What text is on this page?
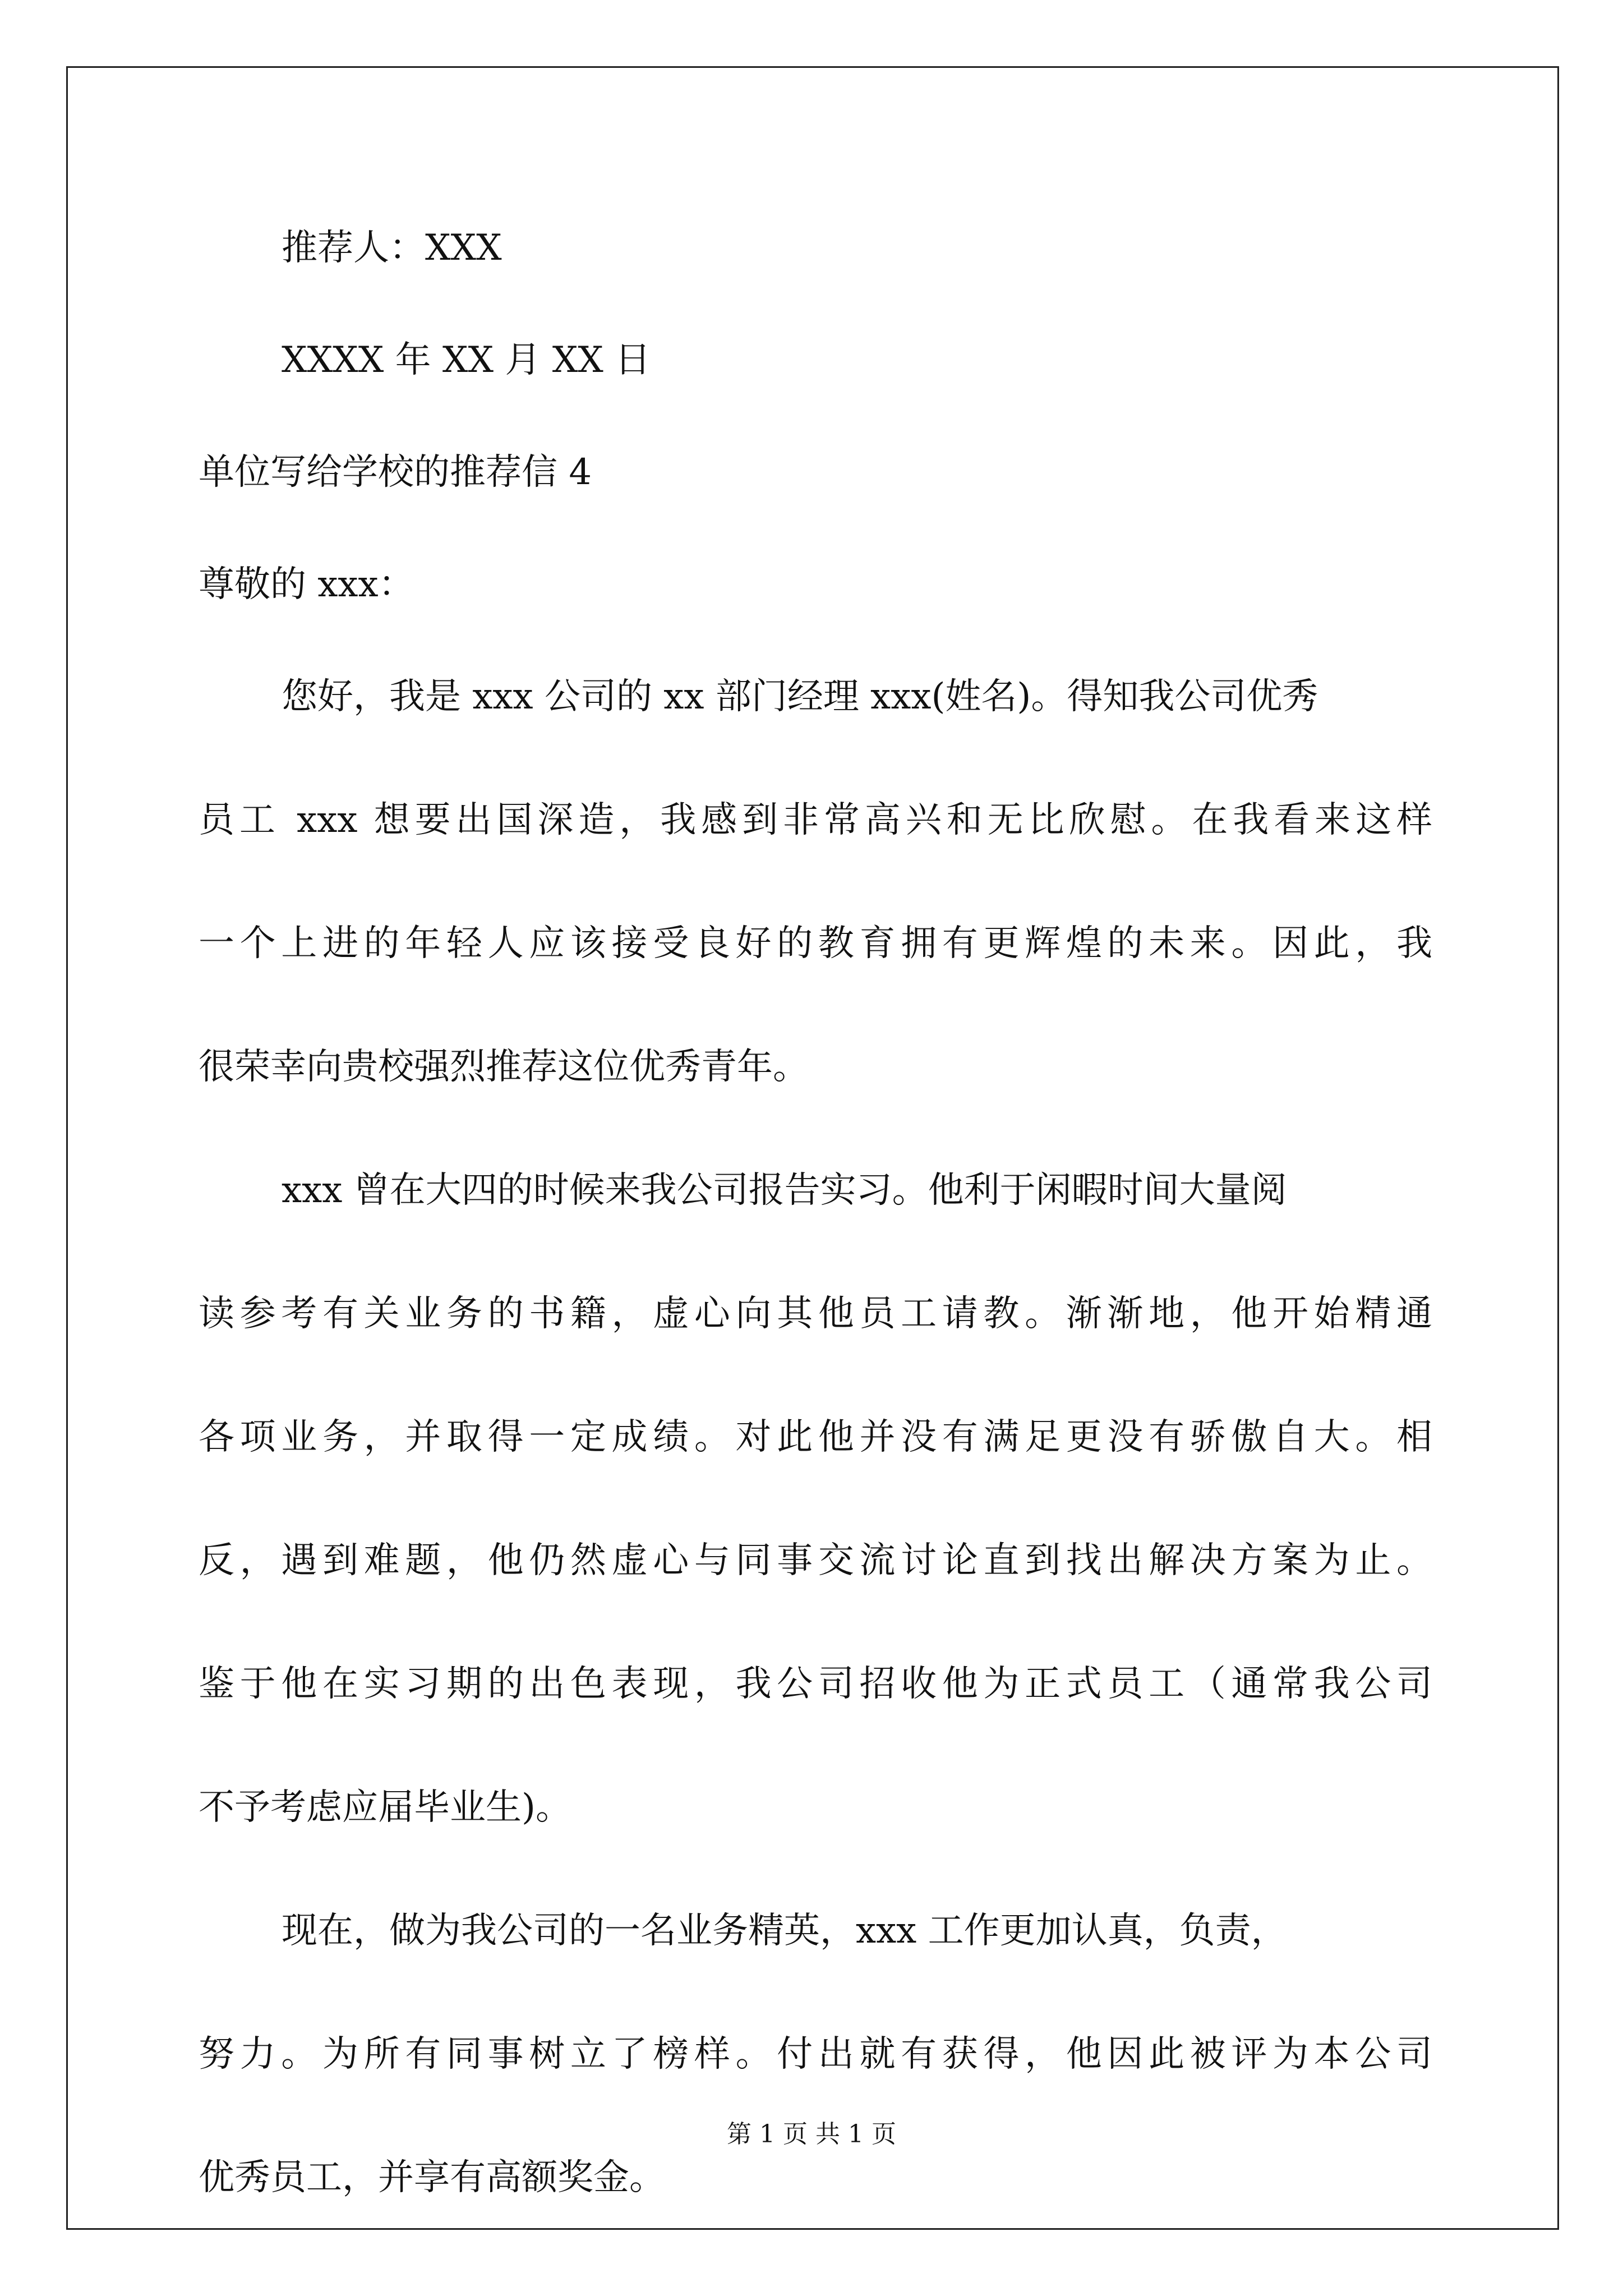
推荐人：XXX
XXXX 年 XX 月 XX 日
单位写给学校的推荐信 4
尊敬的 xxx：
您好，我是 xxx 公司的 xx 部门经理 xxx(姓名)。得知我公司优秀
员工 xxx 想要出国深造，我感到非常高兴和无比欣慰。在我看来这样
一个上进的年轻人应该接受良好的教育拥有更辉煌的未来。因此，我
很荣幸向贵校强烈推荐这位优秀青年。
xxx 曾在大四的时候来我公司报告实习。他利于闲暇时间大量阅
读参考有关业务的书籍，虚心向其他员工请教。渐渐地，他开始精通
各项业务，并取得一定成绩。对此他并没有满足更没有骄傲自大。相
反，遇到难题，他仍然虚心与同事交流讨论直到找出解决方案为止。
鉴于他在实习期的出色表现，我公司招收他为正式员工（通常我公司
不予考虑应届毕业生)。
现在，做为我公司的一名业务精英，xxx 工作更加认真，负责，
努力。为所有同事树立了榜样。付出就有获得，他因此被评为本公司
优秀员工，并享有高额奖金。
第 1 页 共 1 页
